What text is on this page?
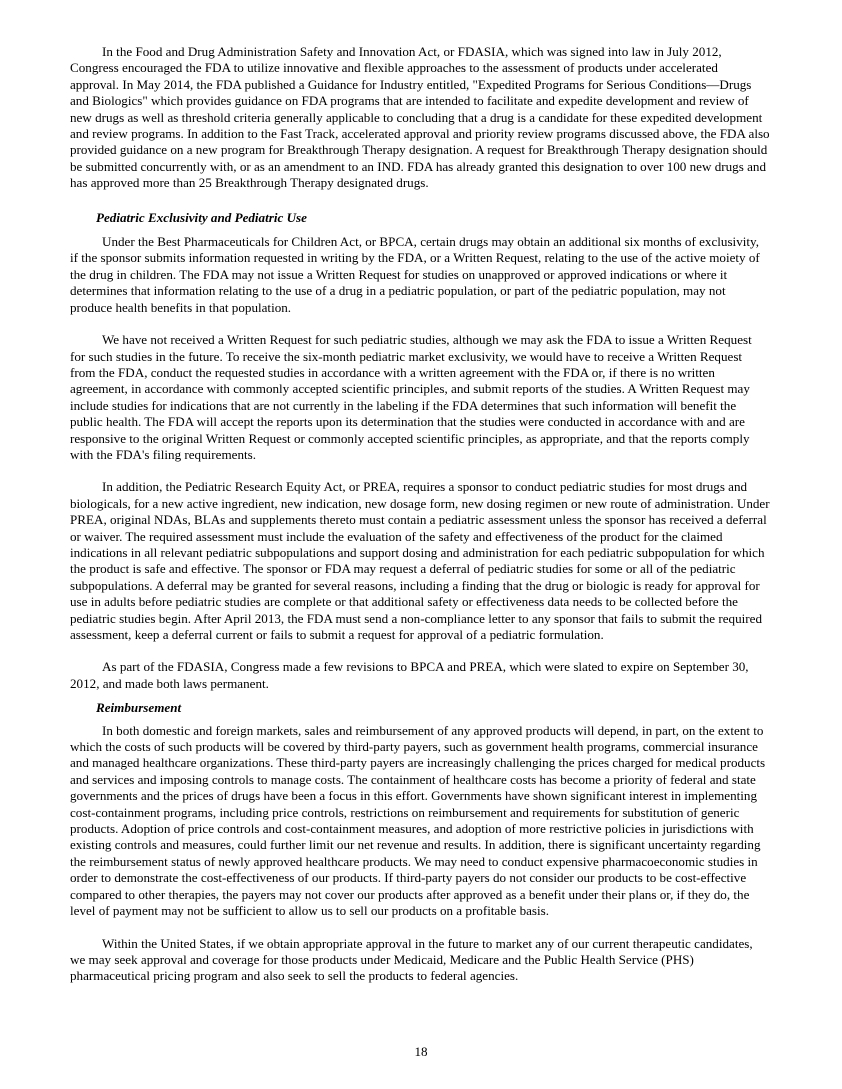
In the Food and Drug Administration Safety and Innovation Act, or FDASIA, which was signed into law in July 2012, Congress encouraged the FDA to utilize innovative and flexible approaches to the assessment of products under accelerated approval. In May 2014, the FDA published a Guidance for Industry entitled, "Expedited Programs for Serious Conditions—Drugs and Biologics" which provides guidance on FDA programs that are intended to facilitate and expedite development and review of new drugs as well as threshold criteria generally applicable to concluding that a drug is a candidate for these expedited development and review programs. In addition to the Fast Track, accelerated approval and priority review programs discussed above, the FDA also provided guidance on a new program for Breakthrough Therapy designation. A request for Breakthrough Therapy designation should be submitted concurrently with, or as an amendment to an IND. FDA has already granted this designation to over 100 new drugs and has approved more than 25 Breakthrough Therapy designated drugs.

Pediatric Exclusivity and Pediatric Use

Under the Best Pharmaceuticals for Children Act, or BPCA, certain drugs may obtain an additional six months of exclusivity, if the sponsor submits information requested in writing by the FDA, or a Written Request, relating to the use of the active moiety of the drug in children. The FDA may not issue a Written Request for studies on unapproved or approved indications or where it determines that information relating to the use of a drug in a pediatric population, or part of the pediatric population, may not produce health benefits in that population.

We have not received a Written Request for such pediatric studies, although we may ask the FDA to issue a Written Request for such studies in the future. To receive the six-month pediatric market exclusivity, we would have to receive a Written Request from the FDA, conduct the requested studies in accordance with a written agreement with the FDA or, if there is no written agreement, in accordance with commonly accepted scientific principles, and submit reports of the studies. A Written Request may include studies for indications that are not currently in the labeling if the FDA determines that such information will benefit the public health. The FDA will accept the reports upon its determination that the studies were conducted in accordance with and are responsive to the original Written Request or commonly accepted scientific principles, as appropriate, and that the reports comply with the FDA's filing requirements.

In addition, the Pediatric Research Equity Act, or PREA, requires a sponsor to conduct pediatric studies for most drugs and biologicals, for a new active ingredient, new indication, new dosage form, new dosing regimen or new route of administration. Under PREA, original NDAs, BLAs and supplements thereto must contain a pediatric assessment unless the sponsor has received a deferral or waiver. The required assessment must include the evaluation of the safety and effectiveness of the product for the claimed indications in all relevant pediatric subpopulations and support dosing and administration for each pediatric subpopulation for which the product is safe and effective. The sponsor or FDA may request a deferral of pediatric studies for some or all of the pediatric subpopulations. A deferral may be granted for several reasons, including a finding that the drug or biologic is ready for approval for use in adults before pediatric studies are complete or that additional safety or effectiveness data needs to be collected before the pediatric studies begin. After April 2013, the FDA must send a non-compliance letter to any sponsor that fails to submit the required assessment, keep a deferral current or fails to submit a request for approval of a pediatric formulation.

As part of the FDASIA, Congress made a few revisions to BPCA and PREA, which were slated to expire on September 30, 2012, and made both laws permanent.

Reimbursement

In both domestic and foreign markets, sales and reimbursement of any approved products will depend, in part, on the extent to which the costs of such products will be covered by third-party payers, such as government health programs, commercial insurance and managed healthcare organizations. These third-party payers are increasingly challenging the prices charged for medical products and services and imposing controls to manage costs. The containment of healthcare costs has become a priority of federal and state governments and the prices of drugs have been a focus in this effort. Governments have shown significant interest in implementing cost-containment programs, including price controls, restrictions on reimbursement and requirements for substitution of generic products. Adoption of price controls and cost-containment measures, and adoption of more restrictive policies in jurisdictions with existing controls and measures, could further limit our net revenue and results. In addition, there is significant uncertainty regarding the reimbursement status of newly approved healthcare products. We may need to conduct expensive pharmacoeconomic studies in order to demonstrate the cost-effectiveness of our products. If third-party payers do not consider our products to be cost-effective compared to other therapies, the payers may not cover our products after approved as a benefit under their plans or, if they do, the level of payment may not be sufficient to allow us to sell our products on a profitable basis.

Within the United States, if we obtain appropriate approval in the future to market any of our current therapeutic candidates, we may seek approval and coverage for those products under Medicaid, Medicare and the Public Health Service (PHS) pharmaceutical pricing program and also seek to sell the products to federal agencies.

18
